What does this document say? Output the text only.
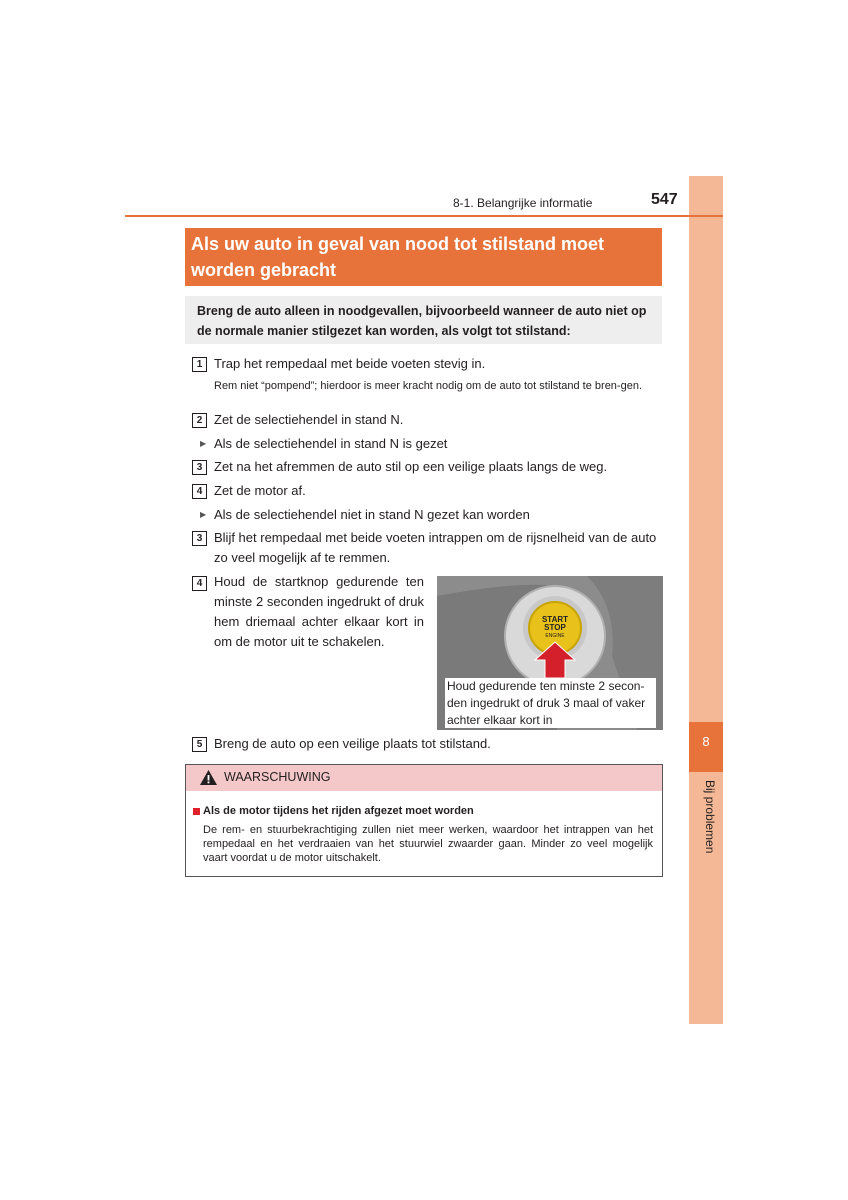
8
Bij problemen
8-1. Belangrijke informatie	547
Als uw auto in geval van nood tot stilstand moet worden gebracht
Breng de auto alleen in noodgevallen, bijvoorbeeld wanneer de auto niet op de normale manier stilgezet kan worden, als volgt tot stilstand:
1 Trap het rempedaal met beide voeten stevig in.
Rem niet “pompend”; hierdoor is meer kracht nodig om de auto tot stilstand te bren-gen.
2 Zet de selectiehendel in stand N.
▶ Als de selectiehendel in stand N is gezet
3 Zet na het afremmen de auto stil op een veilige plaats langs de weg.
4 Zet de motor af.
▶ Als de selectiehendel niet in stand N gezet kan worden
3 Blijf het rempedaal met beide voeten intrappen om de rijsnelheid van de auto zo veel mogelijk af te remmen.
4 Houd de startknop gedurende ten minste 2 seconden ingedrukt of druk hem driemaal achter elkaar kort in om de motor uit te schakelen.
START
STOP
ENGINE
Houd gedurende ten minste 2 secon-den ingedrukt of druk 3 maal of vaker achter elkaar kort in
5 Breng de auto op een veilige plaats tot stilstand.
WAARSCHUWING
Als de motor tijdens het rijden afgezet moet worden
De rem- en stuurbekrachtiging zullen niet meer werken, waardoor het intrappen van het rempedaal en het verdraaien van het stuurwiel zwaarder gaan. Minder zo veel mogelijk vaart voordat u de motor uitschakelt.
